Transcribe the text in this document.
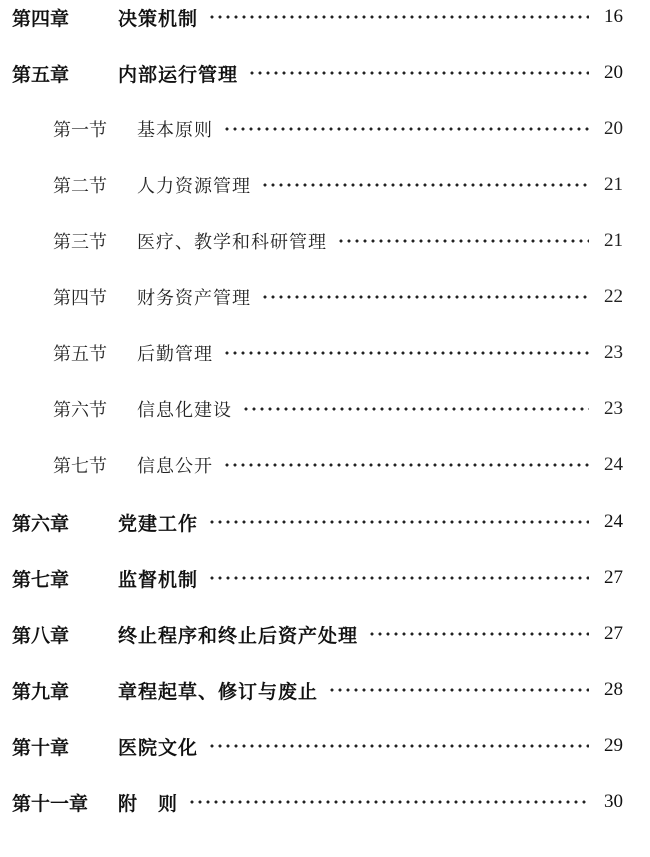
第四章	决策机制	16
第五章	内部运行管理	20
第一节	基本原则	20
第二节	人力资源管理	21
第三节	医疗、教学和科研管理	21
第四节	财务资产管理	22
第五节	后勤管理	23
第六节	信息化建设	23
第七节	信息公开	24
第六章	党建工作	24
第七章	监督机制	27
第八章	终止程序和终止后资产处理	27
第九章	章程起草、修订与废止	28
第十章	医院文化	29
第十一章	附　则	30
